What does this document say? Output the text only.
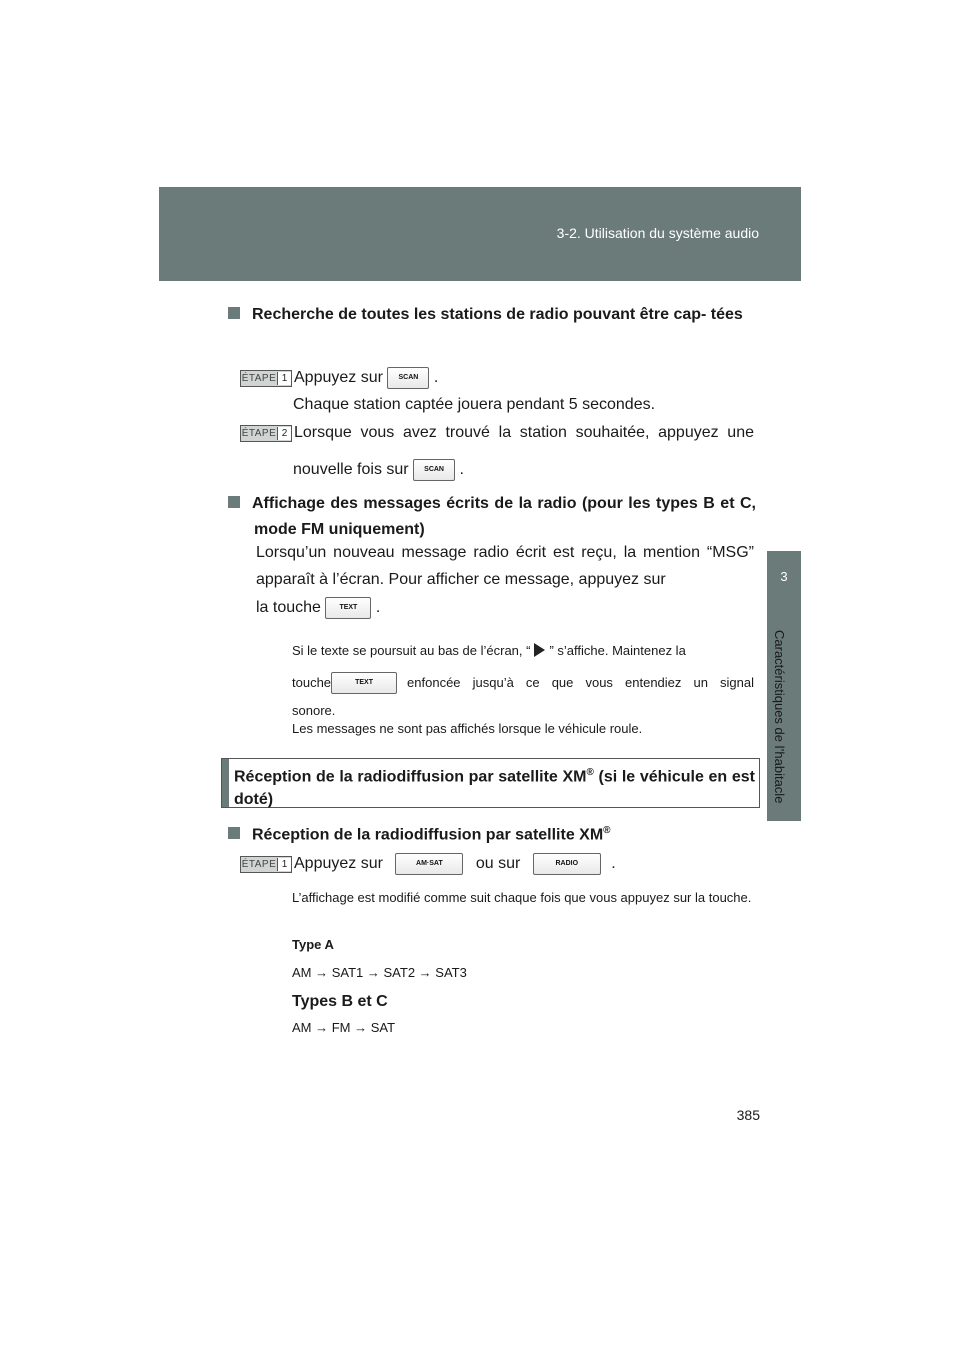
3-2. Utilisation du système audio
3
Caractéristiques de l’habitacle
Recherche de toutes les stations de radio pouvant être cap- tées
ÉTAPE 1 Appuyez sur SCAN .
Chaque station captée jouera pendant 5 secondes.
ÉTAPE 2 Lorsque vous avez trouvé la station souhaitée, appuyez une
nouvelle fois sur SCAN .
Affichage des messages écrits de la radio (pour les types B et C, mode FM uniquement)
Lorsqu’un nouveau message radio écrit est reçu, la mention “MSG” apparaît à l’écran. Pour afficher ce message, appuyez sur
la touche	TEXT .
Si le texte se poursuit au bas de l’écran, “ ” s’affiche. Maintenez la
touche	TEXT	enfoncée jusqu’à ce que vous entendiez un signal
sonore.
Les messages ne sont pas affichés lorsque le véhicule roule.
Réception de la radiodiffusion par satellite XM® (si le véhicule en est doté)
Réception de la radiodiffusion par satellite XM®
ÉTAPE 1 Appuyez sur	AM·SAT ou sur	RADIO .
L’affichage est modifié comme suit chaque fois que vous appuyez sur la touche.
Type A
AM → SAT1 → SAT2 → SAT3
Types B et C
AM → FM → SAT
385
